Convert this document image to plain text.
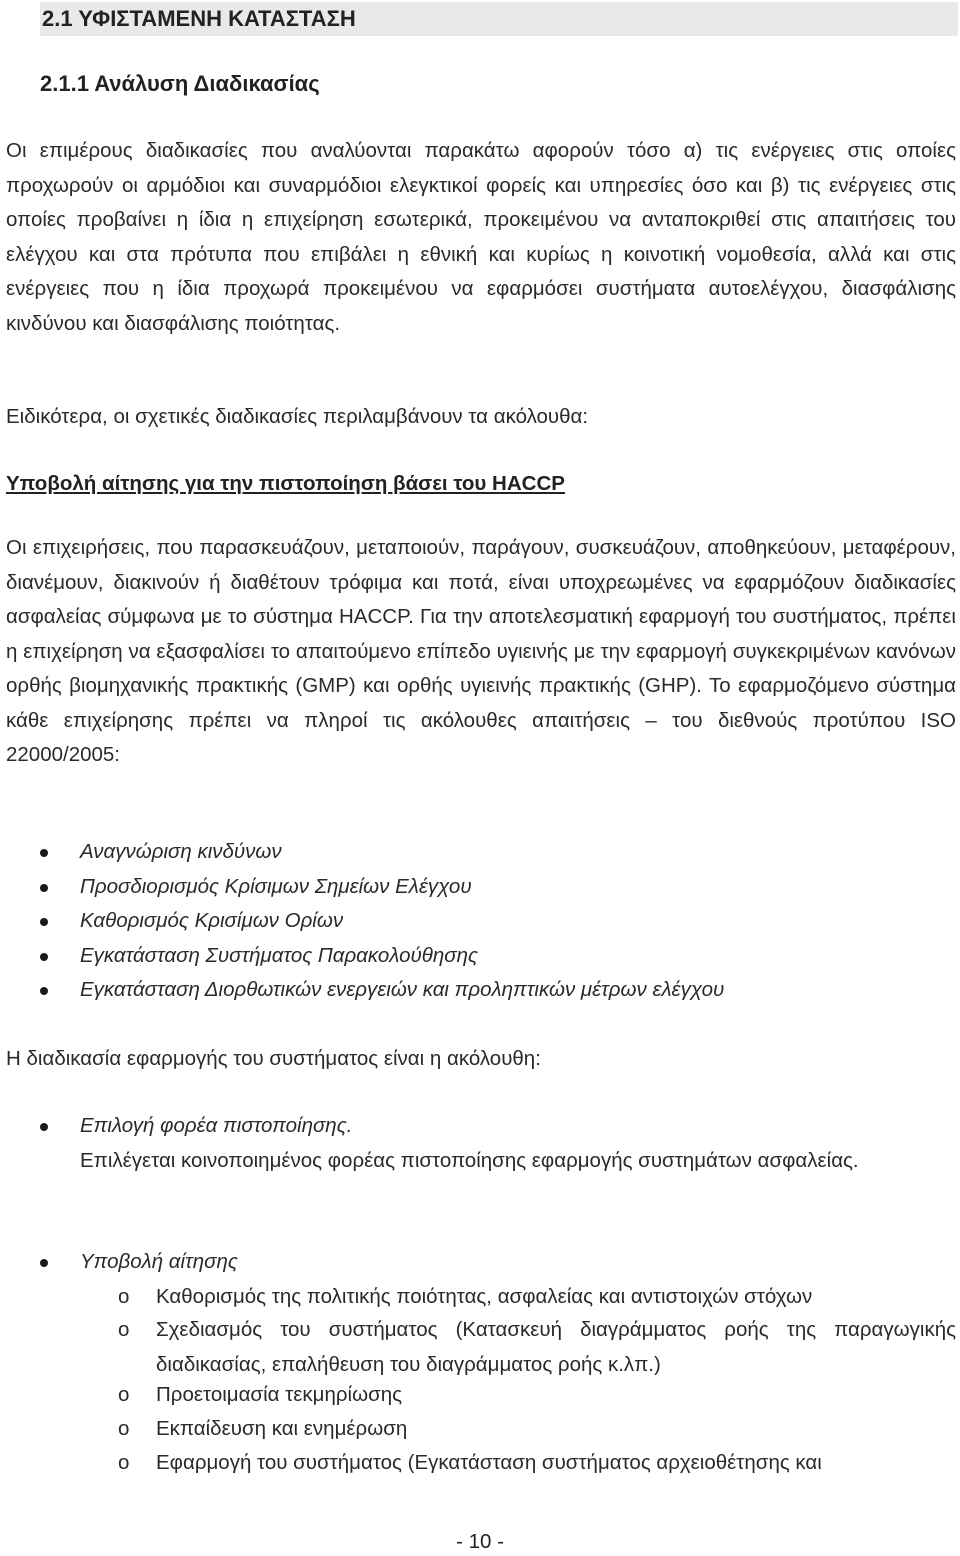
2.1 ΥΦΙΣΤΑΜΕΝΗ ΚΑΤΑΣΤΑΣΗ
2.1.1 Ανάλυση Διαδικασίας
Οι επιμέρους διαδικασίες που αναλύονται παρακάτω αφορούν τόσο α) τις ενέργειες στις οποίες προχωρούν οι αρμόδιοι και συναρμόδιοι ελεγκτικοί φορείς και υπηρεσίες όσο και β) τις ενέργειες στις οποίες προβαίνει η ίδια η επιχείρηση εσωτερικά, προκειμένου να ανταποκριθεί στις απαιτήσεις του ελέγχου και στα πρότυπα που επιβάλει η εθνική και κυρίως η κοινοτική νομοθεσία, αλλά και στις ενέργειες που η ίδια προχωρά προκειμένου να εφαρμόσει συστήματα αυτοελέγχου, διασφάλισης κινδύνου και διασφάλισης ποιότητας.
Ειδικότερα, οι σχετικές διαδικασίες περιλαμβάνουν τα ακόλουθα:
Υποβολή αίτησης για την πιστοποίηση βάσει του HACCP
Οι επιχειρήσεις, που παρασκευάζουν, μεταποιούν, παράγουν, συσκευάζουν, αποθηκεύουν, μεταφέρουν, διανέμουν, διακινούν ή διαθέτουν τρόφιμα και ποτά, είναι υποχρεωμένες να εφαρμόζουν διαδικασίες ασφαλείας σύμφωνα με το σύστημα HACCP. Για την αποτελεσματική εφαρμογή του συστήματος, πρέπει η επιχείρηση να εξασφαλίσει το απαιτούμενο επίπεδο υγιεινής με την εφαρμογή συγκεκριμένων κανόνων ορθής βιομηχανικής πρακτικής (GMP) και ορθής υγιεινής πρακτικής (GHP). Το εφαρμοζόμενο σύστημα κάθε επιχείρησης πρέπει να πληροί τις ακόλουθες απαιτήσεις – του διεθνούς προτύπου ISO 22000/2005:
Αναγνώριση κινδύνων
Προσδιορισμός Κρίσιμων Σημείων Ελέγχου
Καθορισμός Κρισίμων Ορίων
Εγκατάσταση Συστήματος Παρακολούθησης
Εγκατάσταση Διορθωτικών ενεργειών και προληπτικών μέτρων ελέγχου
Η διαδικασία εφαρμογής του συστήματος είναι η ακόλουθη:
Επιλογή φορέα πιστοποίησης.
Επιλέγεται κοινοποιημένος φορέας πιστοποίησης εφαρμογής συστημάτων ασφαλείας.
Υποβολή αίτησης
o Καθορισμός της πολιτικής ποιότητας, ασφαλείας και αντιστοιχών στόχων
o Σχεδιασμός του συστήματος (Κατασκευή διαγράμματος ροής της παραγωγικής διαδικασίας, επαλήθευση του διαγράμματος ροής κ.λπ.)
o Προετοιμασία τεκμηρίωσης
o Εκπαίδευση και ενημέρωση
o Εφαρμογή του συστήματος (Εγκατάσταση συστήματος αρχειοθέτησης και
- 10 -
